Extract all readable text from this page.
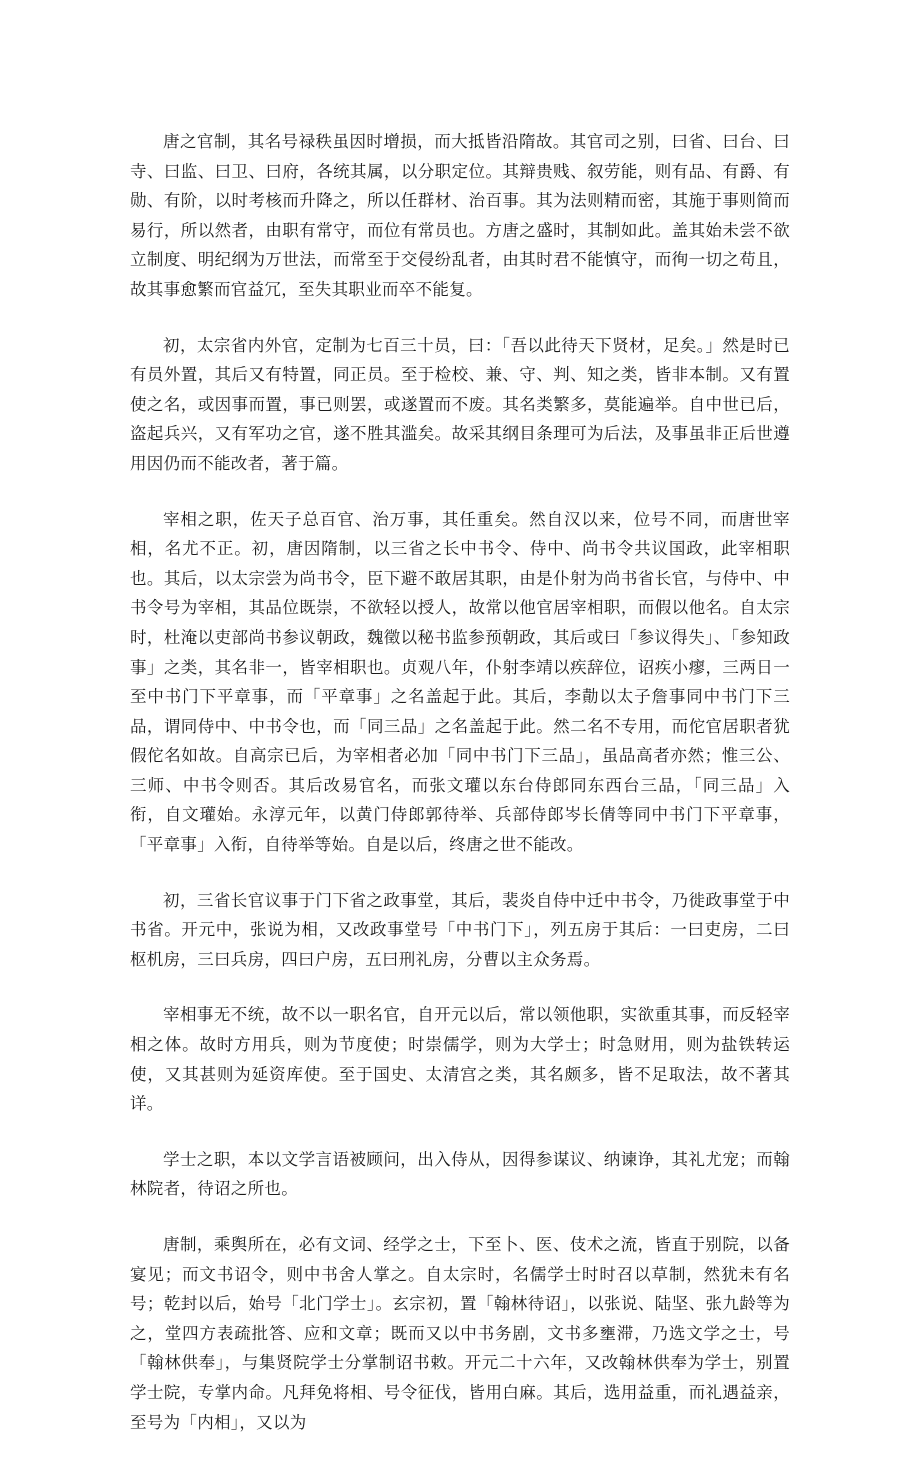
唐之官制，其名号禄秩虽因时增损，而大抵皆沿隋故。其官司之别，曰省、曰台、曰寺、曰监、曰卫、曰府，各统其属，以分职定位。其辩贵贱、叙劳能，则有品、有爵、有勋、有阶，以时考核而升降之，所以任群材、治百事。其为法则精而密，其施于事则简而易行，所以然者，由职有常守，而位有常员也。方唐之盛时，其制如此。盖其始未尝不欲立制度、明纪纲为万世法，而常至于交侵纷乱者，由其时君不能慎守，而徇一切之苟且，故其事愈繁而官益冗，至失其职业而卒不能复。

初，太宗省内外官，定制为七百三十员，曰：「吾以此待天下贤材，足矣。」然是时已有员外置，其后又有特置，同正员。至于检校、兼、守、判、知之类，皆非本制。又有置使之名，或因事而置，事已则罢，或遂置而不废。其名类繁多，莫能遍举。自中世已后，盗起兵兴，又有军功之官，遂不胜其滥矣。故采其纲目条理可为后法，及事虽非正后世遵用因仍而不能改者，著于篇。

宰相之职，佐天子总百官、治万事，其任重矣。然自汉以来，位号不同，而唐世宰相，名尤不正。初，唐因隋制，以三省之长中书令、侍中、尚书令共议国政，此宰相职也。其后，以太宗尝为尚书令，臣下避不敢居其职，由是仆射为尚书省长官，与侍中、中书令号为宰相，其品位既崇，不欲轻以授人，故常以他官居宰相职，而假以他名。自太宗时，杜淹以吏部尚书参议朝政，魏徵以秘书监参预朝政，其后或曰「参议得失」、「参知政事」之类，其名非一，皆宰相职也。贞观八年，仆射李靖以疾辞位，诏疾小瘳，三两日一至中书门下平章事，而「平章事」之名盖起于此。其后，李勣以太子詹事同中书门下三品，谓同侍中、中书令也，而「同三品」之名盖起于此。然二名不专用，而佗官居职者犹假佗名如故。自高宗已后，为宰相者必加「同中书门下三品」，虽品高者亦然；惟三公、三师、中书令则否。其后改易官名，而张文瓘以东台侍郎同东西台三品，「同三品」入衔，自文瓘始。永淳元年，以黄门侍郎郭待举、兵部侍郎岑长倩等同中书门下平章事，「平章事」入衔，自待举等始。自是以后，终唐之世不能改。

初，三省长官议事于门下省之政事堂，其后，裴炎自侍中迁中书令，乃徙政事堂于中书省。开元中，张说为相，又改政事堂号「中书门下」，列五房于其后：一曰吏房，二曰枢机房，三曰兵房，四曰户房，五曰刑礼房，分曹以主众务焉。

宰相事无不统，故不以一职名官，自开元以后，常以领他职，实欲重其事，而反轻宰相之体。故时方用兵，则为节度使；时崇儒学，则为大学士；时急财用，则为盐铁转运使，又其甚则为延资库使。至于国史、太清宫之类，其名颇多，皆不足取法，故不著其详。

学士之职，本以文学言语被顾问，出入侍从，因得参谋议、纳谏诤，其礼尤宠；而翰林院者，待诏之所也。

唐制，乘舆所在，必有文词、经学之士，下至卜、医、伎术之流，皆直于别院，以备宴见；而文书诏令，则中书舍人掌之。自太宗时，名儒学士时时召以草制，然犹未有名号；乾封以后，始号「北门学士」。玄宗初，置「翰林待诏」，以张说、陆坚、张九龄等为之，堂四方表疏批答、应和文章；既而又以中书务剧，文书多壅滞，乃选文学之士，号「翰林供奉」，与集贤院学士分掌制诏书敕。开元二十六年，又改翰林供奉为学士，别置学士院，专掌内命。凡拜免将相、号令征伐，皆用白麻。其后，选用益重，而礼遇益亲，至号为「内相」，又以为
